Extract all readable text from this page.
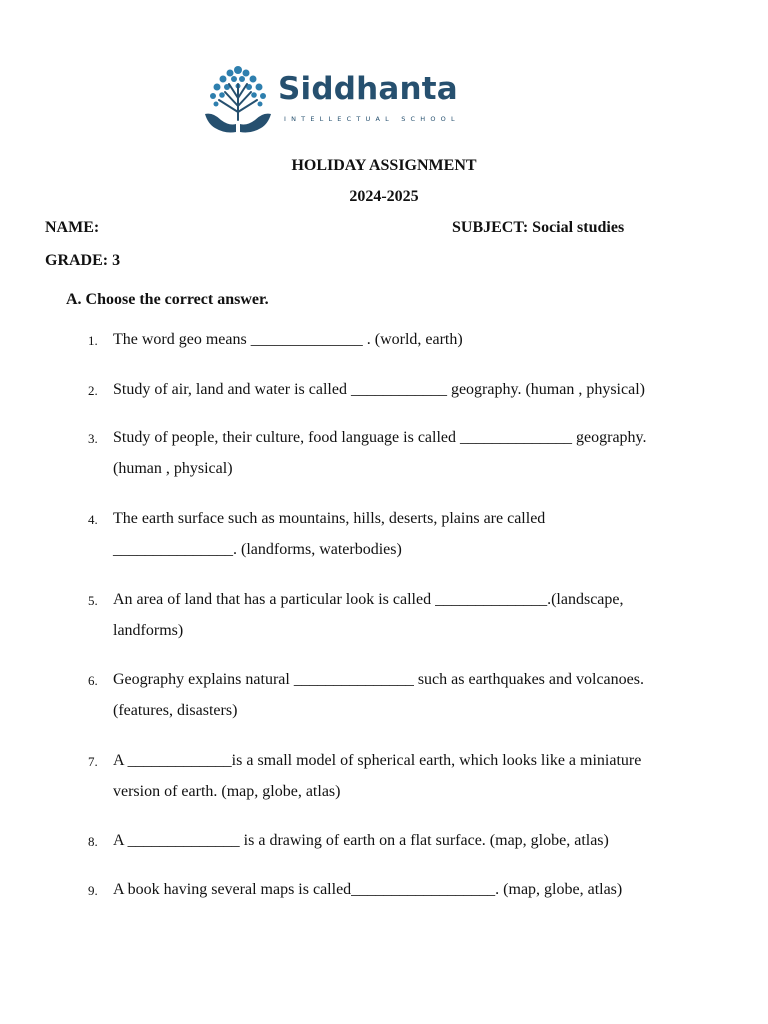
Siddhanta
INTELLECTUAL SCHOOL
HOLIDAY ASSIGNMENT
2024-2025
NAME:	SUBJECT: Social studies
GRADE: 3
A. Choose the correct answer.
1. The word geo means ______________ . (world, earth)
2. Study of air, land and water is called ____________ geography. (human , physical)
3. Study of people, their culture, food language is called ______________ geography.
(human , physical)
4. The earth surface such as mountains, hills, deserts, plains are called
_______________. (landforms, waterbodies)
5. An area of land that has a particular look is called ______________.(landscape,
landforms)
6. Geography explains natural _______________ such as earthquakes and volcanoes.
(features, disasters)
7. A _____________is a small model of spherical earth, which looks like a miniature
version of earth. (map, globe, atlas)
8. A ______________ is a drawing of earth on a flat surface. (map, globe, atlas)
9. A book having several maps is called__________________. (map, globe, atlas)
